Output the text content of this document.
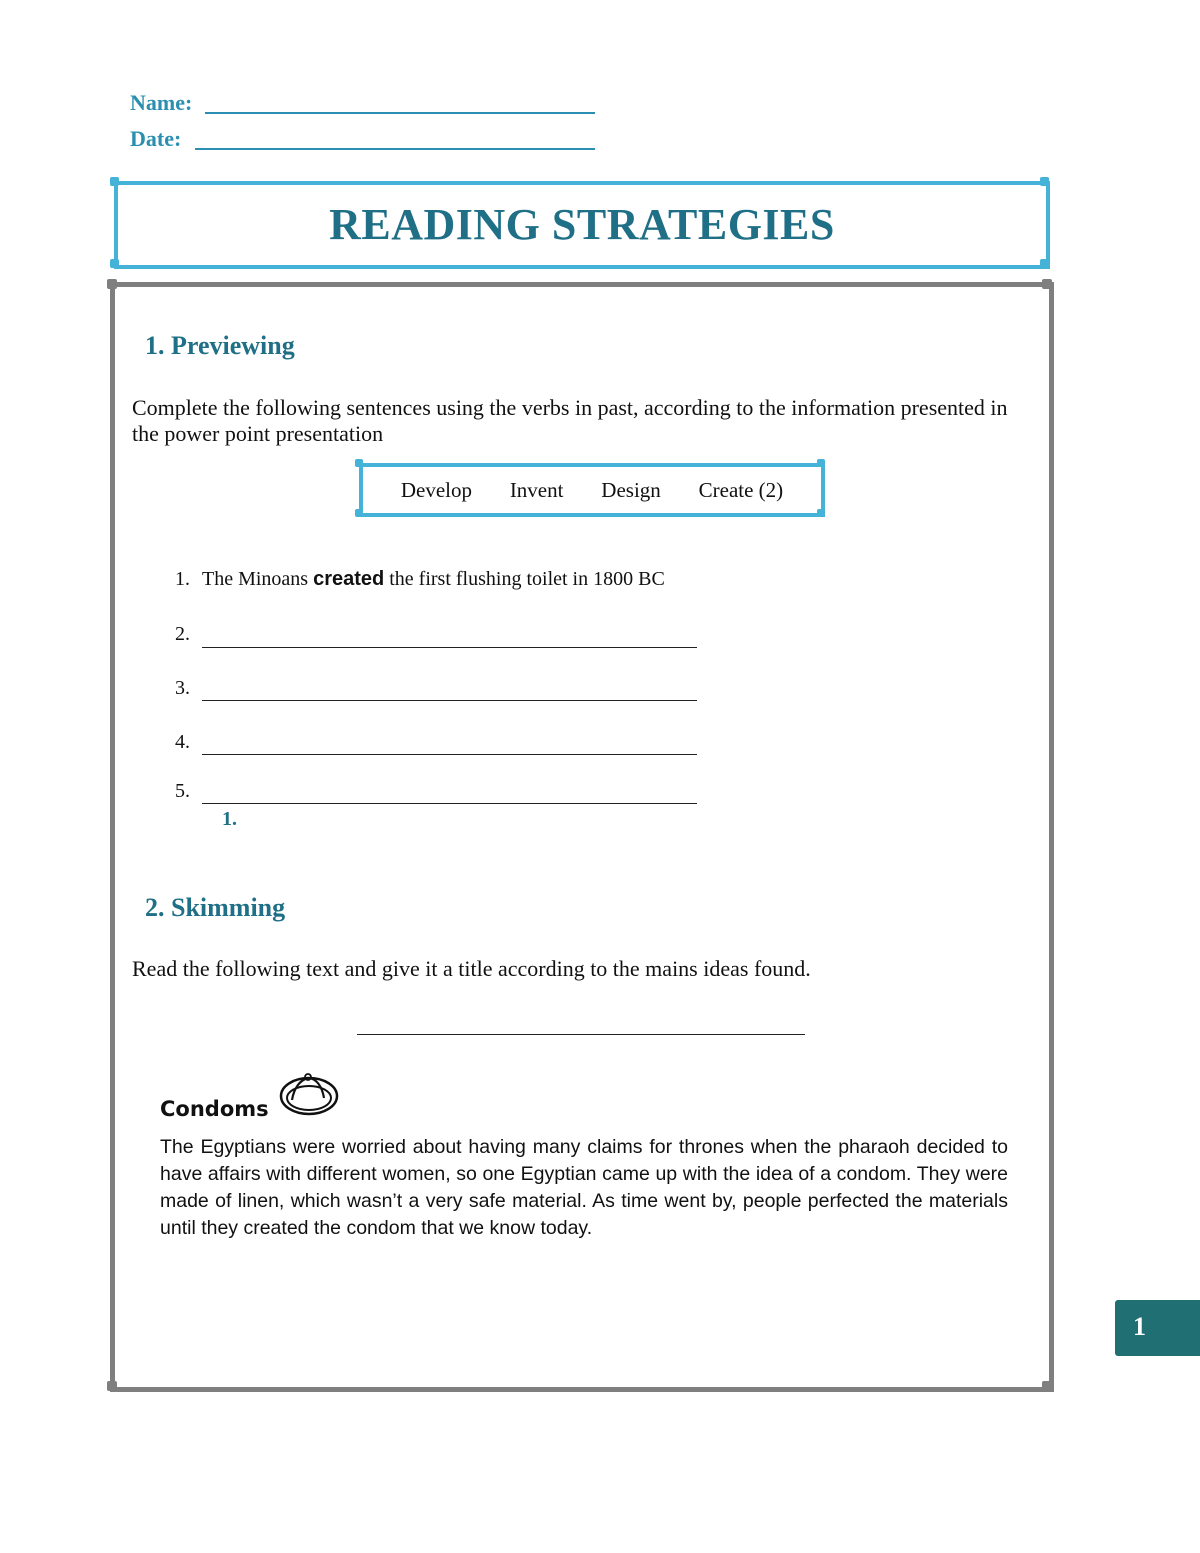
Name:
Date:
READING STRATEGIES
1. Previewing
Complete the following sentences using the verbs in past, according to the information presented in the power point presentation
Develop Invent Design Create (2)
1. The Minoans created the first flushing toilet in 1800 BC
2.
3.
4.
5.
1.
2. Skimming
Read the following text and give it a title according to the mains ideas found.
Condoms
The Egyptians were worried about having many claims for thrones when the pharaoh decided to have affairs with different women, so one Egyptian came up with the idea of a condom. They were made of linen, which wasn’t a very safe material. As time went by, people perfected the materials until they created the condom that we know today.
1
